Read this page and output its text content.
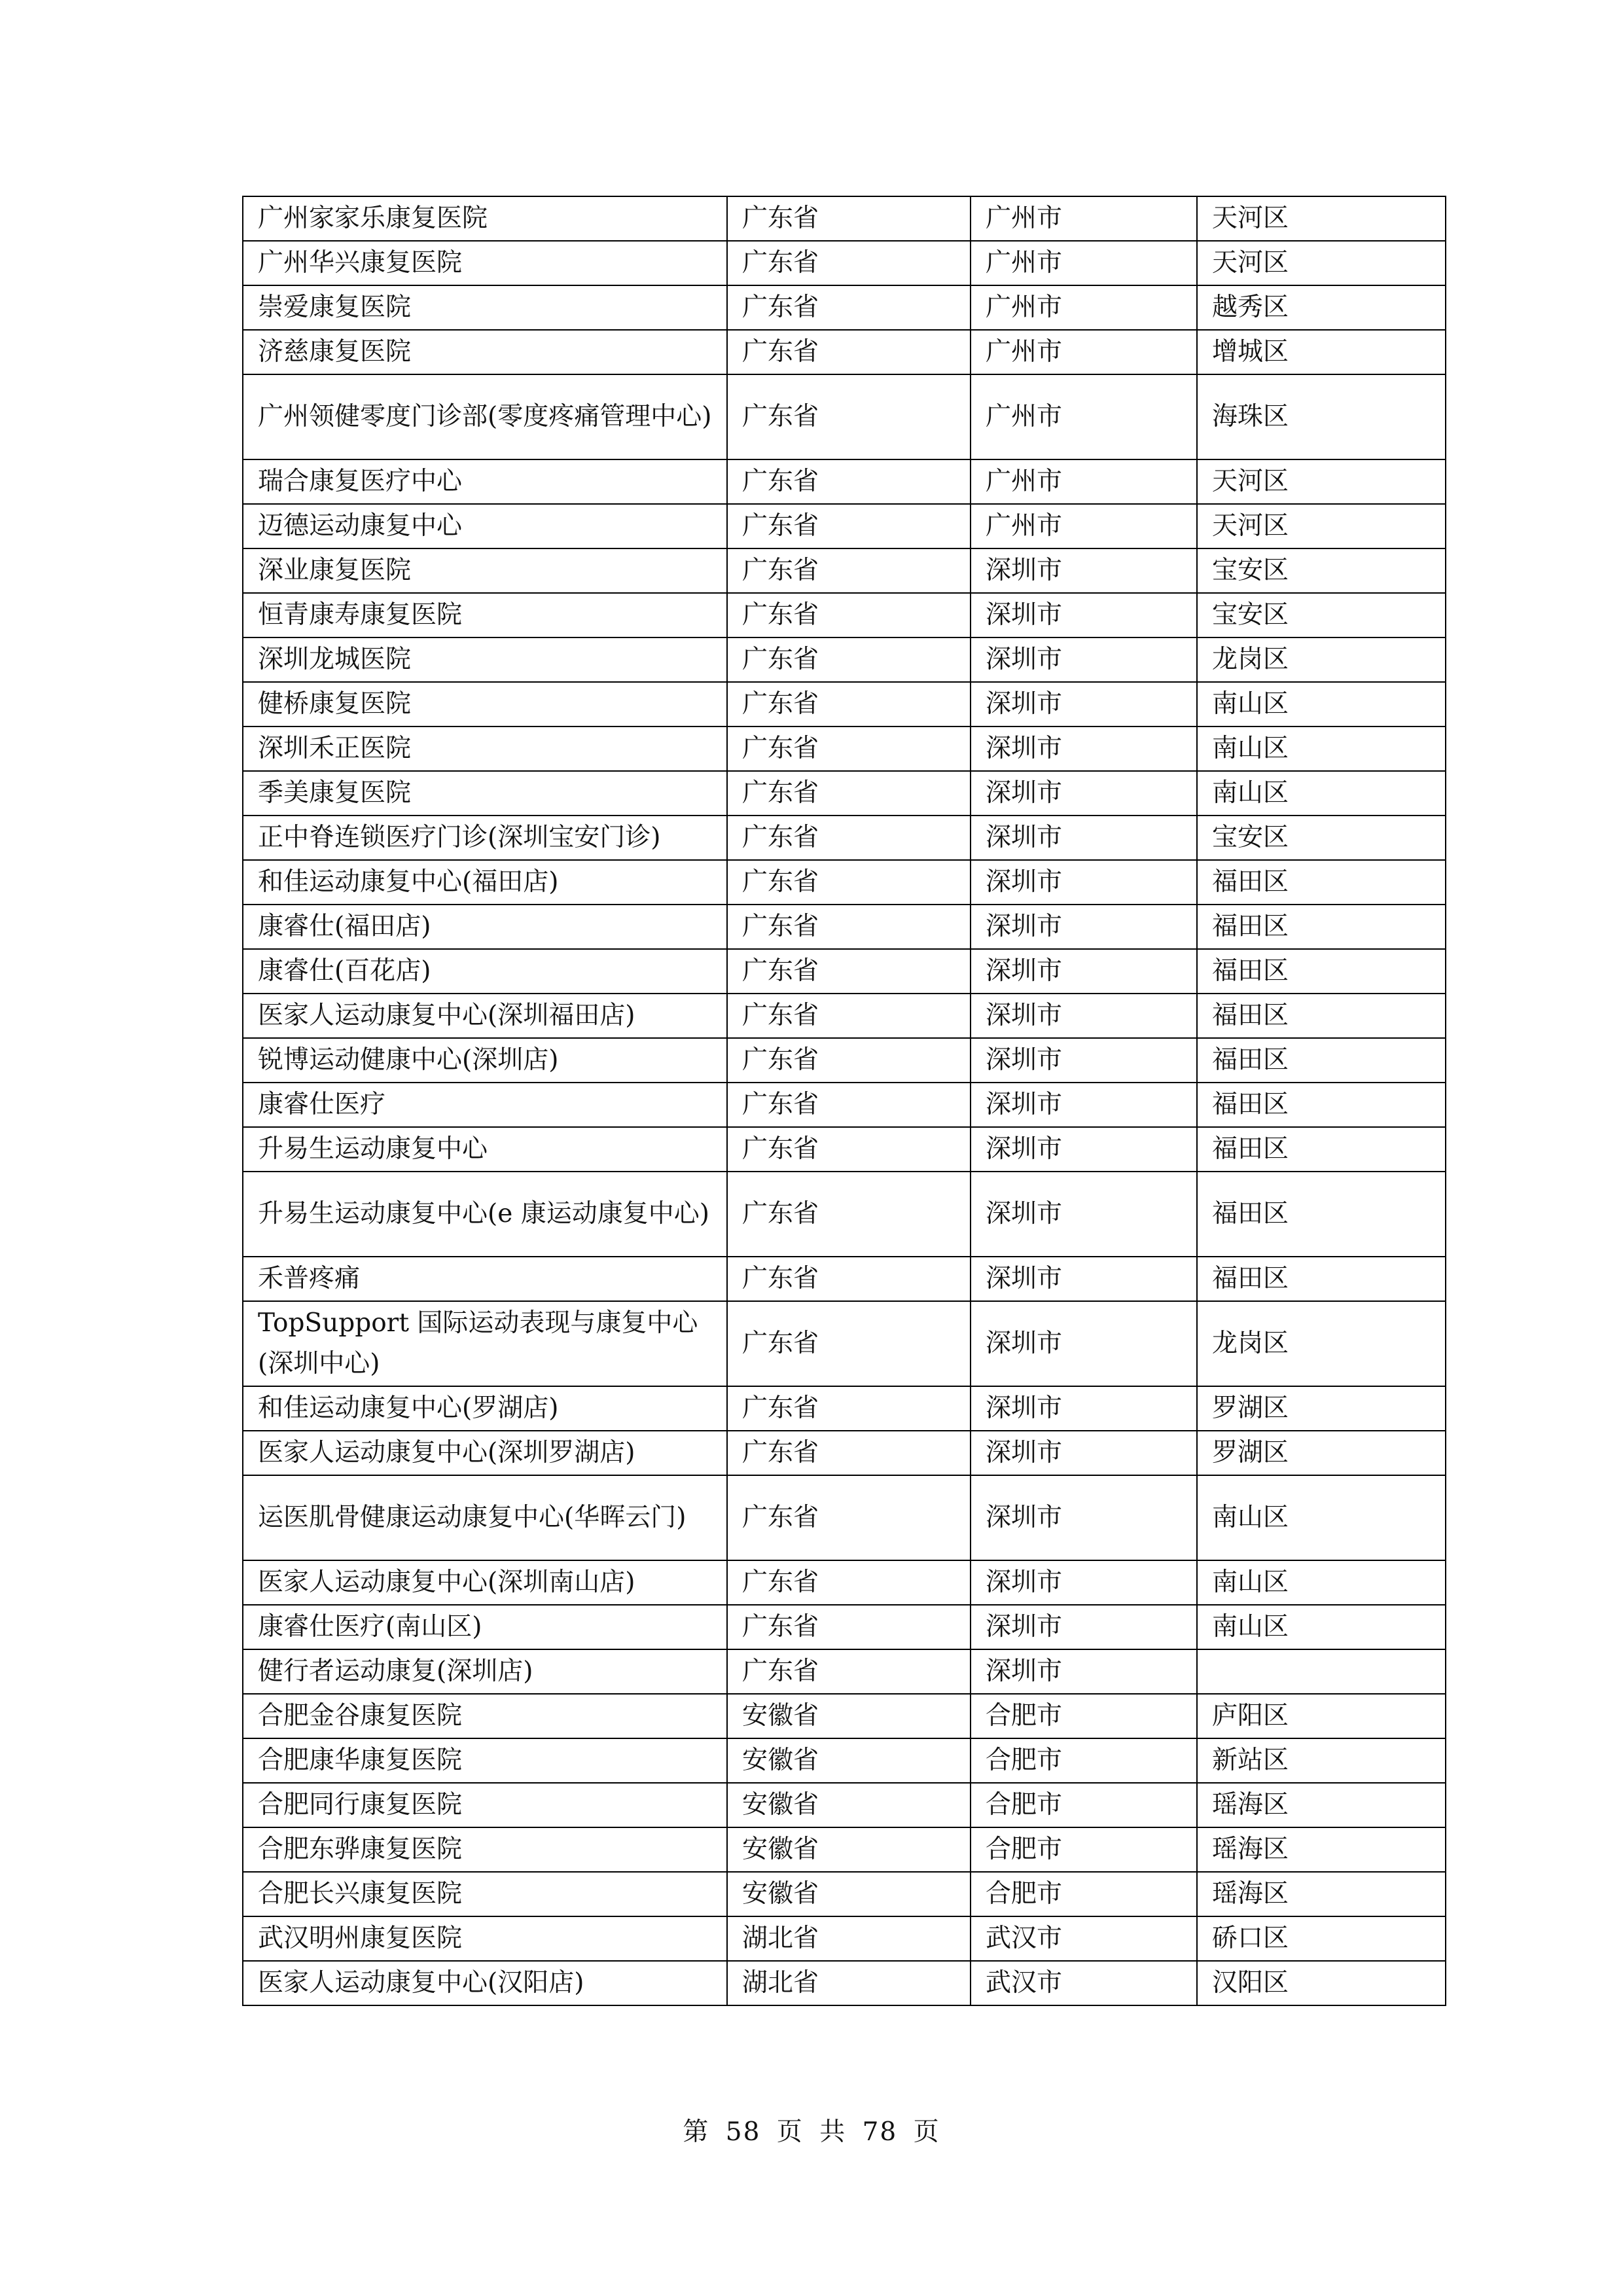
广州家家乐康复医院	广东省	广州市	天河区
广州华兴康复医院	广东省	广州市	天河区
崇爱康复医院	广东省	广州市	越秀区
济慈康复医院	广东省	广州市	增城区
广州领健零度门诊部(零度疼痛管理中心)	广东省	广州市	海珠区
瑞合康复医疗中心	广东省	广州市	天河区
迈德运动康复中心	广东省	广州市	天河区
深业康复医院	广东省	深圳市	宝安区
恒青康寿康复医院	广东省	深圳市	宝安区
深圳龙城医院	广东省	深圳市	龙岗区
健桥康复医院	广东省	深圳市	南山区
深圳禾正医院	广东省	深圳市	南山区
季美康复医院	广东省	深圳市	南山区
正中脊连锁医疗门诊(深圳宝安门诊)	广东省	深圳市	宝安区
和佳运动康复中心(福田店)	广东省	深圳市	福田区
康睿仕(福田店)	广东省	深圳市	福田区
康睿仕(百花店)	广东省	深圳市	福田区
医家人运动康复中心(深圳福田店)	广东省	深圳市	福田区
锐博运动健康中心(深圳店)	广东省	深圳市	福田区
康睿仕医疗	广东省	深圳市	福田区
升易生运动康复中心	广东省	深圳市	福田区
升易生运动康复中心(e 康运动康复中心)	广东省	深圳市	福田区
禾普疼痛	广东省	深圳市	福田区
TopSupport 国际运动表现与康复中心(深圳中心)	广东省	深圳市	龙岗区
和佳运动康复中心(罗湖店)	广东省	深圳市	罗湖区
医家人运动康复中心(深圳罗湖店)	广东省	深圳市	罗湖区
运医肌骨健康运动康复中心(华晖云门)	广东省	深圳市	南山区
医家人运动康复中心(深圳南山店)	广东省	深圳市	南山区
康睿仕医疗(南山区)	广东省	深圳市	南山区
健行者运动康复(深圳店)	广东省	深圳市	
合肥金谷康复医院	安徽省	合肥市	庐阳区
合肥康华康复医院	安徽省	合肥市	新站区
合肥同行康复医院	安徽省	合肥市	瑶海区
合肥东骅康复医院	安徽省	合肥市	瑶海区
合肥长兴康复医院	安徽省	合肥市	瑶海区
武汉明州康复医院	湖北省	武汉市	硚口区
医家人运动康复中心(汉阳店)	湖北省	武汉市	汉阳区
第 58 页 共 78 页
